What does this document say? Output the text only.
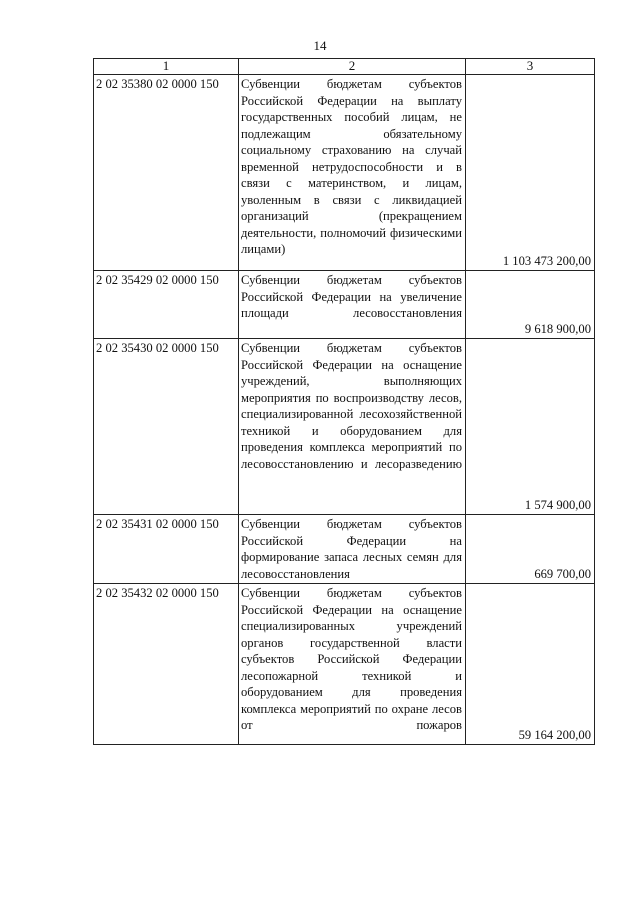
14
1	2	3
2 02 35380 02 0000 150	Субвенции бюджетам субъектов Российской Федерации на выплату государственных пособий лицам, не подлежащим обязательному социальному страхованию на случай временной нетрудоспособности и в связи с материнством, и лицам, уволенным в связи с ликвидацией организаций (прекращением деятельности, полномочий физическими лицами)	1 103 473 200,00
2 02 35429 02 0000 150	Субвенции бюджетам субъектов Российской Федерации на увеличение площади лесовосстановления	9 618 900,00
2 02 35430 02 0000 150	Субвенции бюджетам субъектов Российской Федерации на оснащение учреждений, выполняющих мероприятия по воспроизводству лесов, специализированной лесохозяйственной техникой и оборудованием для проведения комплекса мероприятий по лесовосстановлению и лесоразведению	1 574 900,00
2 02 35431 02 0000 150	Субвенции бюджетам субъектов Российской Федерации на формирование запаса лесных семян для лесовосстановления	669 700,00
2 02 35432 02 0000 150	Субвенции бюджетам субъектов Российской Федерации на оснащение специализированных учреждений органов государственной власти субъектов Российской Федерации лесопожарной техникой и оборудованием для проведения комплекса мероприятий по охране лесов от пожаров	59 164 200,00
